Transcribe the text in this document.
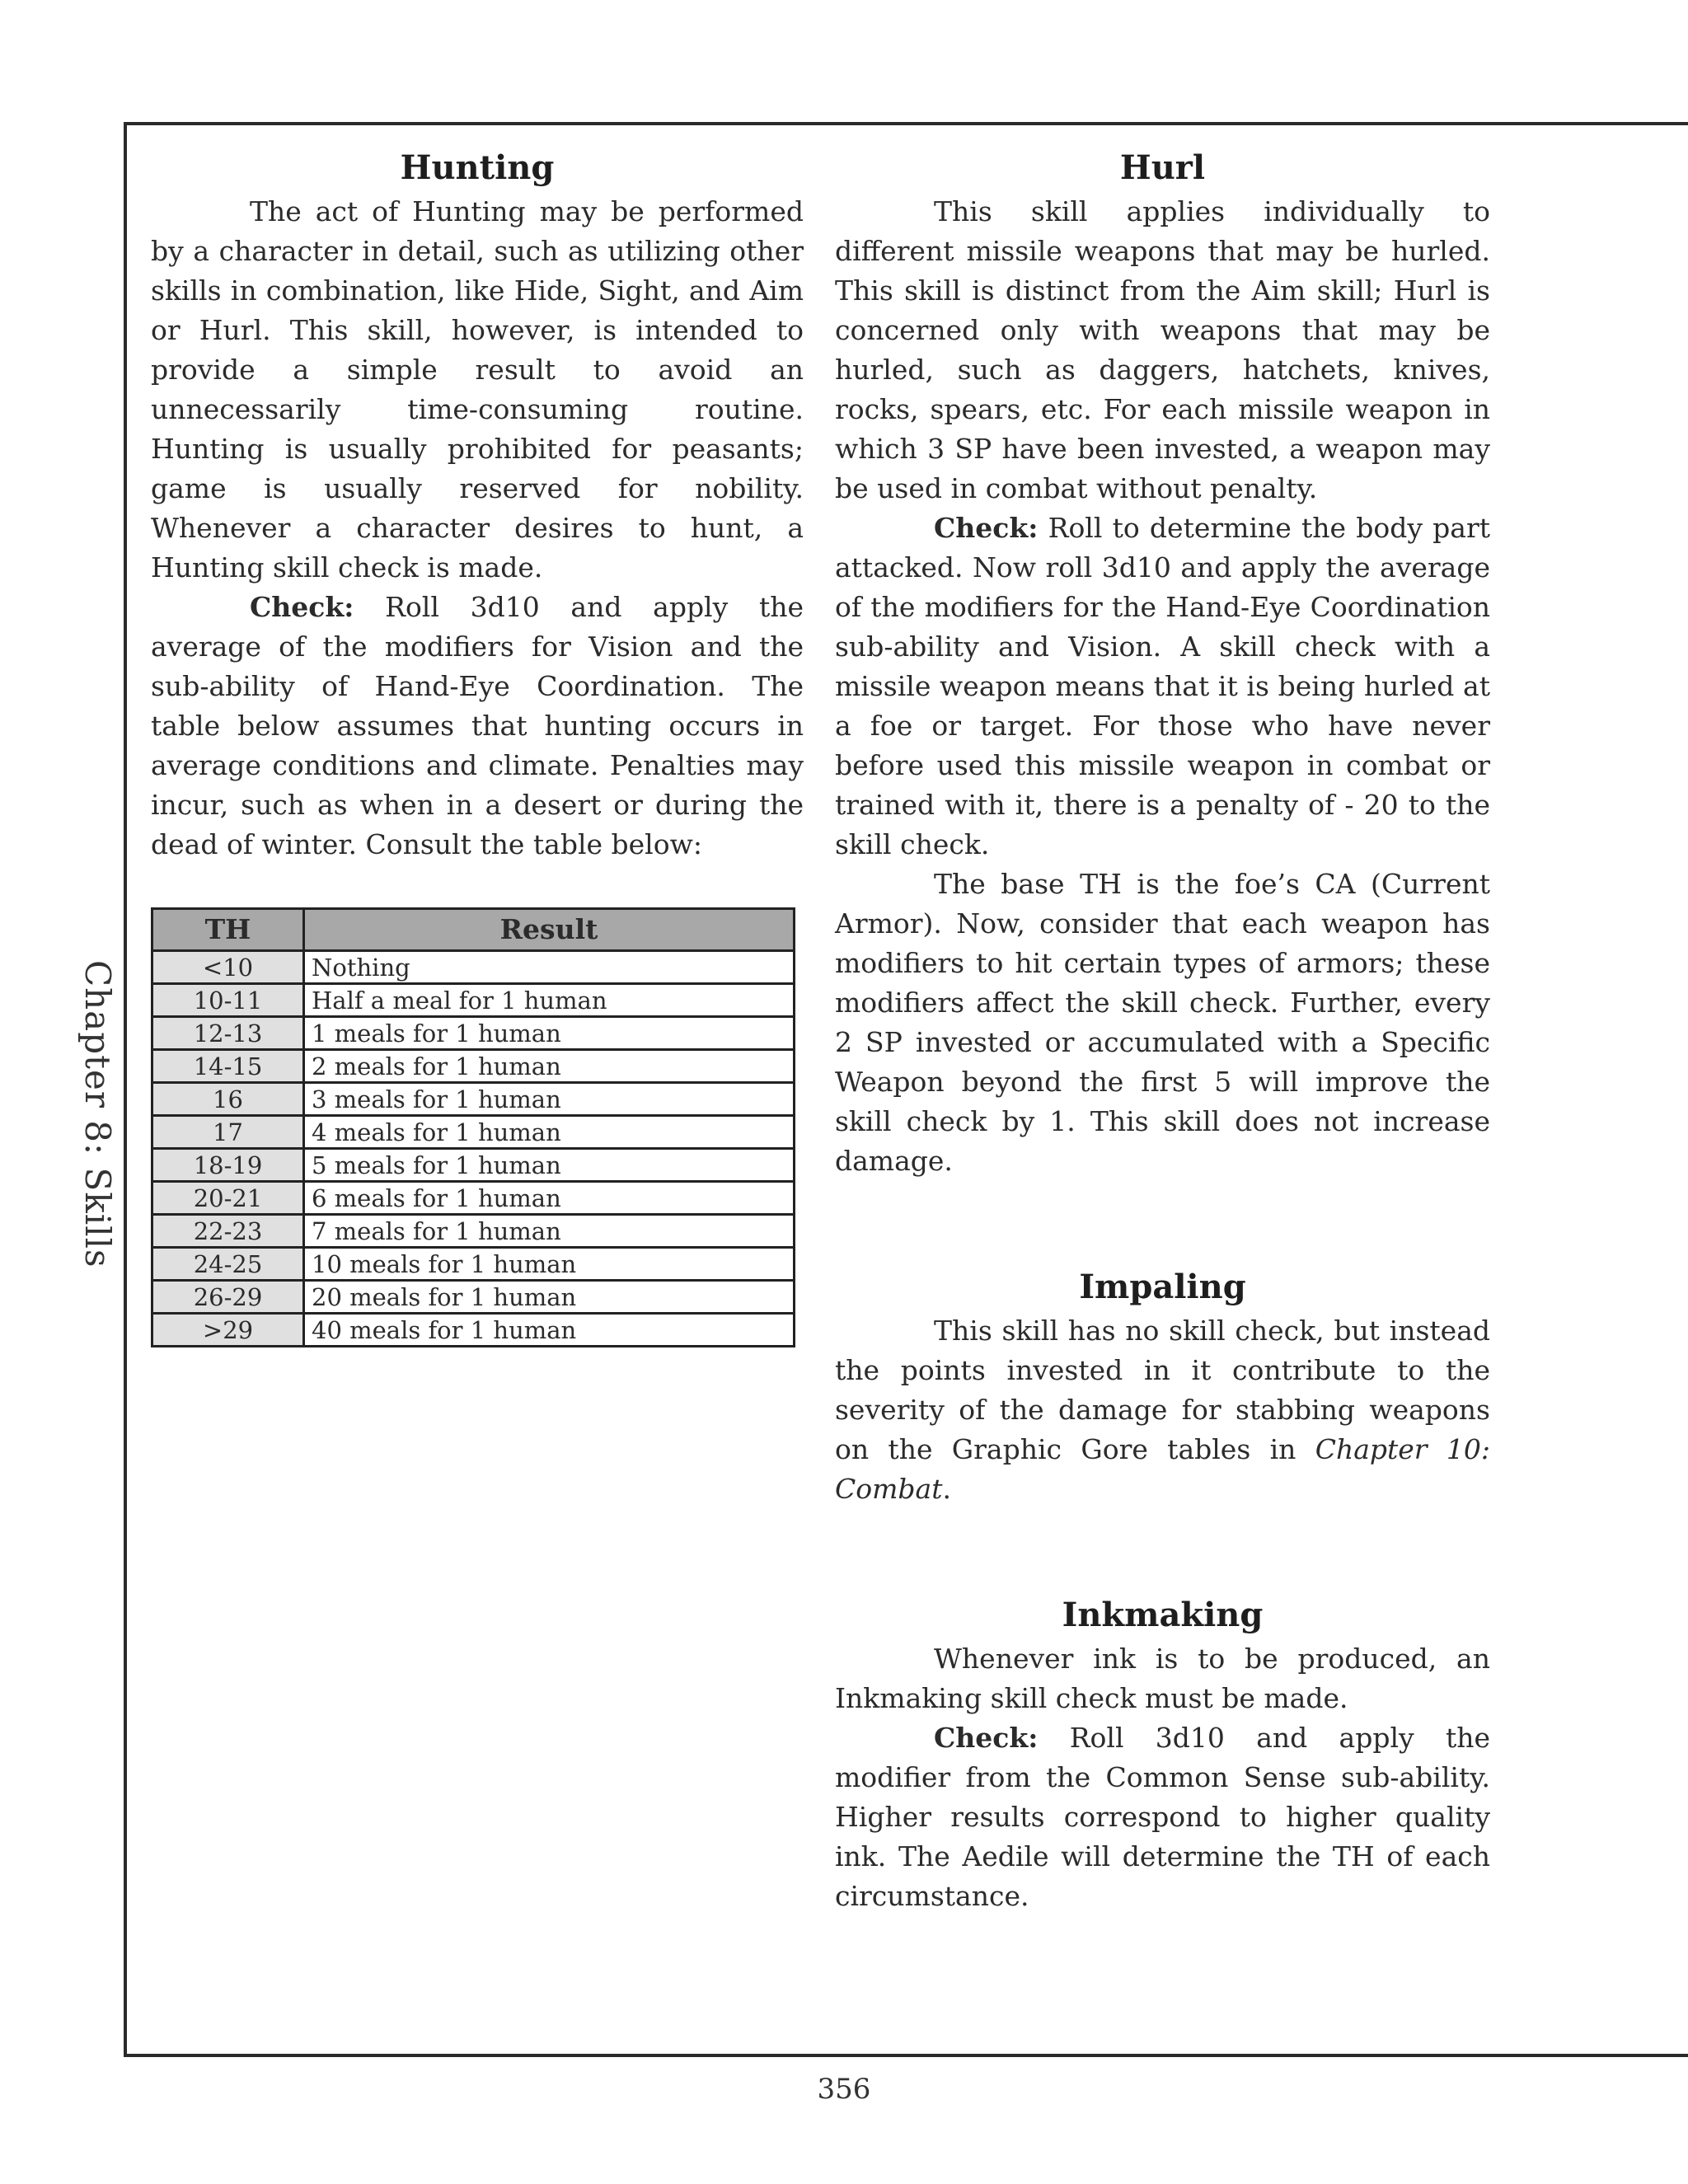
Chapter 8: Skills
Hunting

The act of Hunting may be performed by a character in detail, such as utilizing other skills in combination, like Hide, Sight, and Aim or Hurl. This skill, however, is intended to provide a simple result to avoid an unnecessarily time-consuming routine. Hunting is usually prohibited for peasants; game is usually reserved for nobility. Whenever a character desires to hunt, a Hunting skill check is made.

Check: Roll 3d10 and apply the average of the modifiers for Vision and the sub-ability of Hand-Eye Coordination. The table below assumes that hunting occurs in average conditions and climate. Penalties may incur, such as when in a desert or during the dead of winter. Consult the table below:

TH	Result
<10	Nothing
10-11	Half a meal for 1 human
12-13	1 meals for 1 human
14-15	2 meals for 1 human
16	3 meals for 1 human
17	4 meals for 1 human
18-19	5 meals for 1 human
20-21	6 meals for 1 human
22-23	7 meals for 1 human
24-25	10 meals for 1 human
26-29	20 meals for 1 human
>29	40 meals for 1 human
Hurl

This skill applies individually to different missile weapons that may be hurled. This skill is distinct from the Aim skill; Hurl is concerned only with weapons that may be hurled, such as daggers, hatchets, knives, rocks, spears, etc. For each missile weapon in which 3 SP have been invested, a weapon may be used in combat without penalty.

Check: Roll to determine the body part attacked. Now roll 3d10 and apply the average of the modifiers for the Hand-Eye Coordination sub-ability and Vision. A skill check with a missile weapon means that it is being hurled at a foe or target. For those who have never before used this missile weapon in combat or trained with it, there is a penalty of - 20 to the skill check.

The base TH is the foe’s CA (Current Armor). Now, consider that each weapon has modifiers to hit certain types of armors; these modifiers affect the skill check. Further, every 2 SP invested or accumulated with a Specific Weapon beyond the first 5 will improve the skill check by 1. This skill does not increase damage.

Impaling

This skill has no skill check, but instead the points invested in it contribute to the severity of the damage for stabbing weapons on the Graphic Gore tables in Chapter 10: Combat.

Inkmaking

Whenever ink is to be produced, an Inkmaking skill check must be made.

Check: Roll 3d10 and apply the modifier from the Common Sense sub-ability. Higher results correspond to higher quality ink. The Aedile will determine the TH of each circumstance.

356
